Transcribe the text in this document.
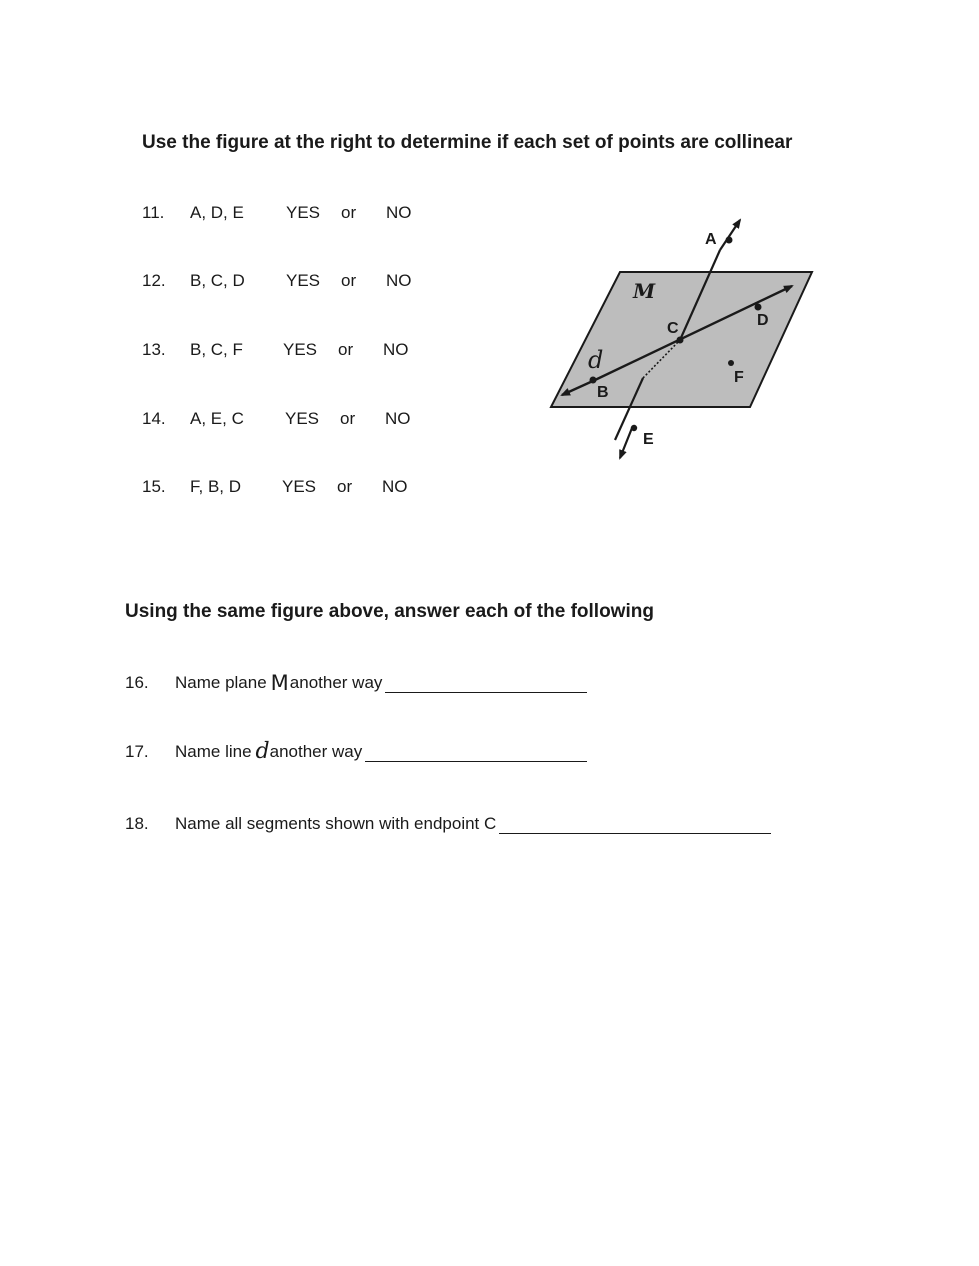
Use the figure at the right to determine if each set of points are collinear
11. A, D, E YES or NO
12. B, C, D YES or NO
13. B, C, F YES or NO
14. A, E, C YES or NO
15. F, B, D YES or NO
A
B
C	D
E
F
M
d
Using the same figure above, answer each of the following
16. Name plane M another way
17. Name line d another way
18. Name all segments shown with endpoint C
